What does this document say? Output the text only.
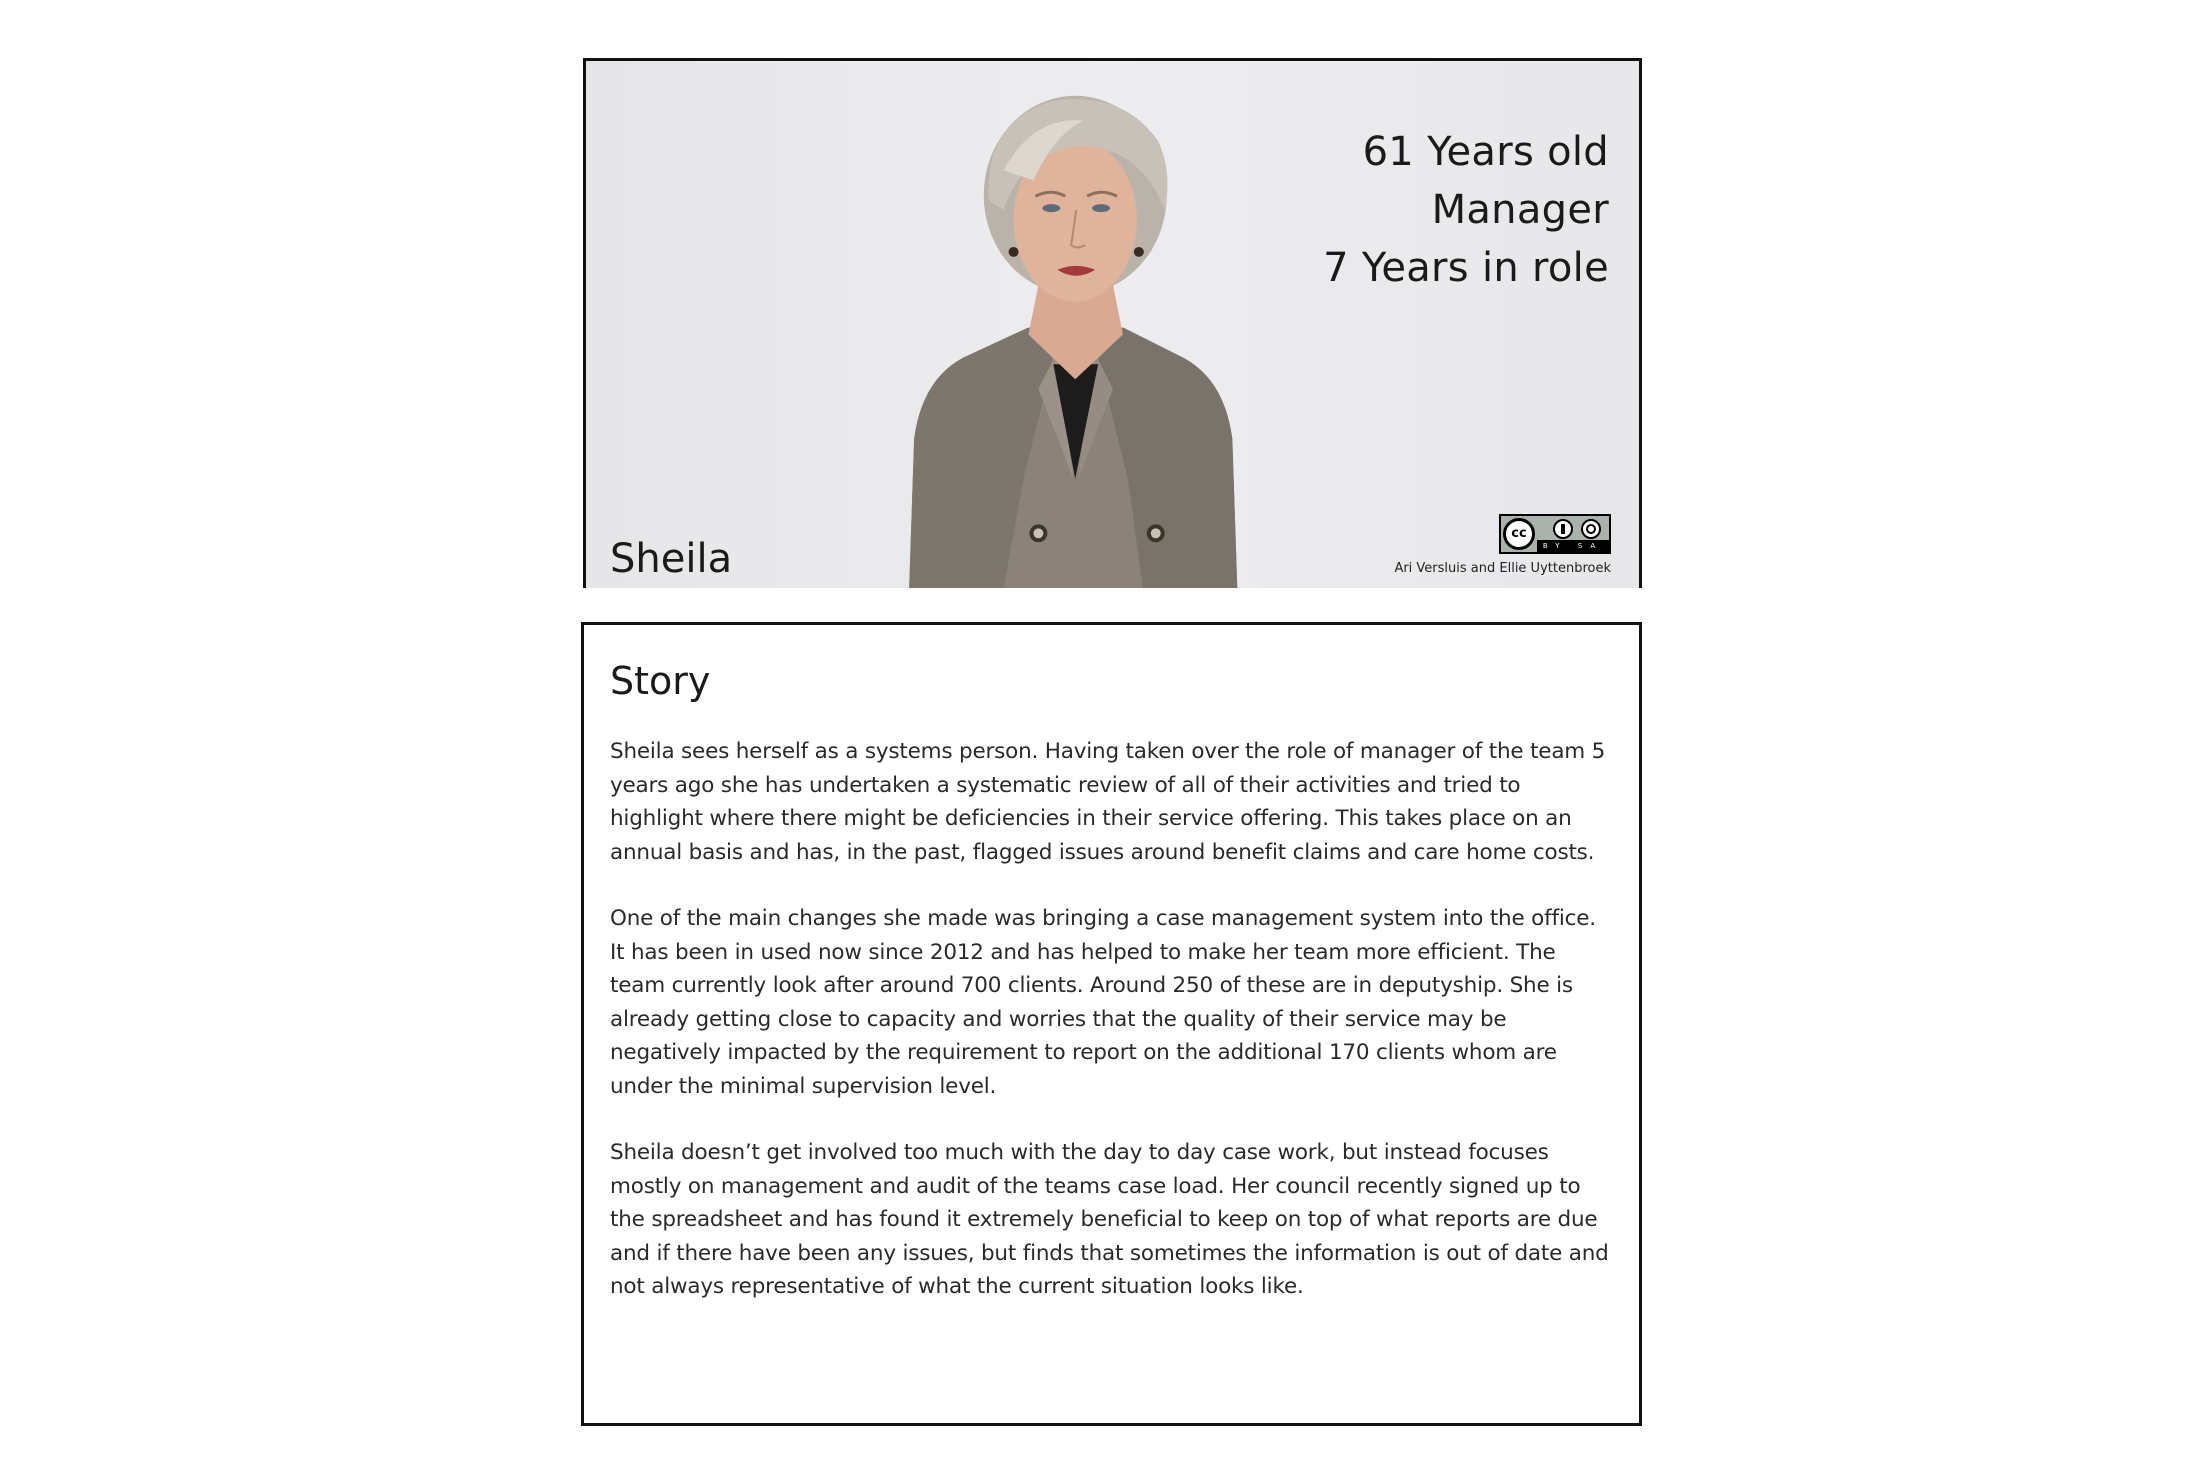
61 Years old
Manager
7 Years in role
Sheila
cc
BY SA
Ari Versluis and Ellie Uyttenbroek
Story

Sheila sees herself as a systems person. Having taken over the role of manager of the team 5 years ago she has undertaken a systematic review of all of their activities and tried to highlight where there might be deficiencies in their service offering. This takes place on an annual basis and has, in the past, flagged issues around benefit claims and care home costs.

One of the main changes she made was bringing a case management system into the office. It has been in used now since 2012 and has helped to make her team more efficient. The team currently look after around 700 clients. Around 250 of these are in deputyship. She is already getting close to capacity and worries that the quality of their service may be negatively impacted by the requirement to report on the additional 170 clients whom are under the minimal supervision level.

Sheila doesn’t get involved too much with the day to day case work, but instead focuses mostly on management and audit of the teams case load. Her council recently signed up to the spreadsheet and has found it extremely beneficial to keep on top of what reports are due and if there have been any issues, but finds that sometimes the information is out of date and not always representative of what the current situation looks like.
